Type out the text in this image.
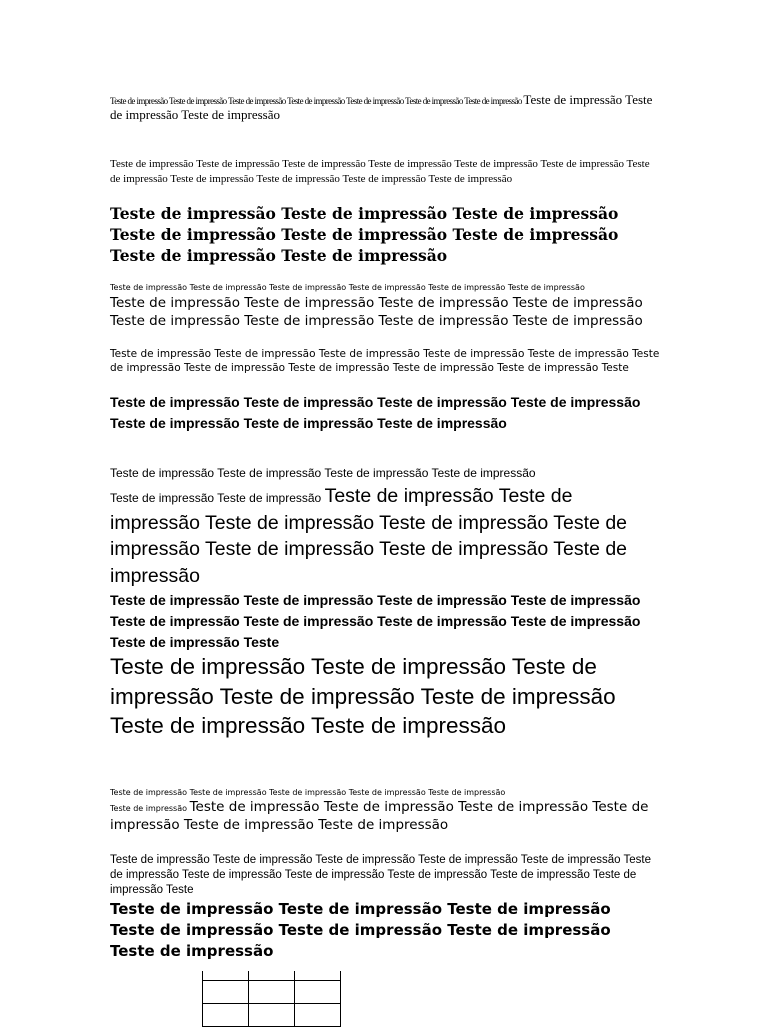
Teste de impressão Teste de impressão Teste de impressão Teste de impressão Teste de impressão Teste de impressão Teste de impressão Teste de impressão Teste de impressão Teste de impressão

Teste de impressão Teste de impressão Teste de impressão Teste de impressão Teste de impressão Teste de impressão Teste de impressão Teste de impressão Teste de impressão Teste de impressão Teste de impressão

Teste de impressão Teste de impressão Teste de impressão Teste de impressão Teste de impressão Teste de impressão Teste de impressão Teste de impressão

Teste de impressão Teste de impressão Teste de impressão Teste de impressão Teste de impressão Teste de impressão

Teste de impressão Teste de impressão Teste de impressão Teste de impressão Teste de impressão Teste de impressão Teste de impressão Teste de impressão

Teste de impressão Teste de impressão Teste de impressão Teste de impressão Teste de impressão Teste de impressão Teste de impressão Teste de impressão Teste de impressão Teste de impressão Teste

Teste de impressão Teste de impressão Teste de impressão Teste de impressão Teste de impressão Teste de impressão Teste de impressão

Teste de impressão Teste de impressão Teste de impressão Teste de impressão

Teste de impressão Teste de impressão Teste de impressão Teste de impressão Teste de impressão Teste de impressão Teste de impressão Teste de impressão Teste de impressão Teste de impressão

Teste de impressão Teste de impressão Teste de impressão Teste de impressão Teste de impressão Teste de impressão Teste de impressão Teste de impressão Teste de impressão Teste

Teste de impressão Teste de impressão Teste de impressão Teste de impressão Teste de impressão Teste de impressão Teste de impressão

Teste de impressão Teste de impressão Teste de impressão Teste de impressão Teste de impressão

Teste de impressão Teste de impressão Teste de impressão Teste de impressão Teste de impressão Teste de impressão Teste de impressão

Teste de impressão Teste de impressão Teste de impressão Teste de impressão Teste de impressão Teste de impressão Teste de impressão Teste de impressão Teste de impressão Teste de impressão Teste de impressão Teste

Teste de impressão Teste de impressão Teste de impressão Teste de impressão Teste de impressão Teste de impressão Teste de impressão
